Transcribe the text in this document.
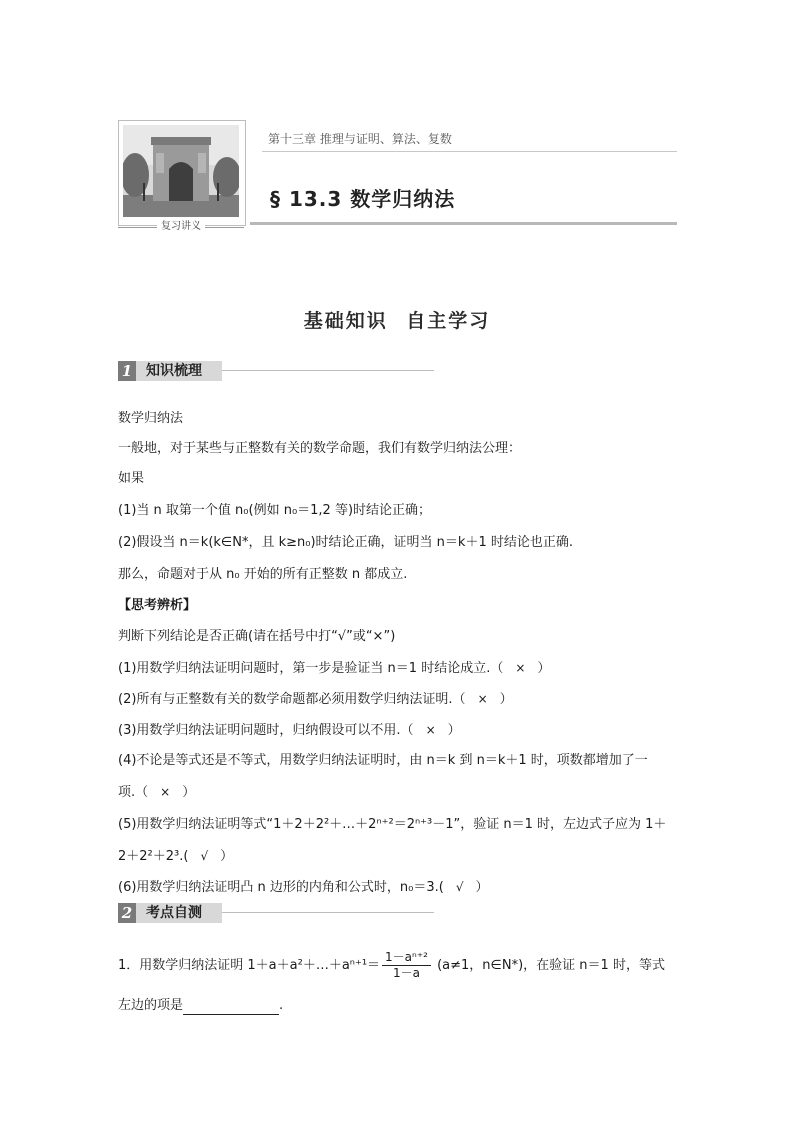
复习讲义
第十三章 推理与证明、算法、复数
§ 13.3 数学归纳法
基础知识 自主学习
1 知识梳理
数学归纳法
一般地，对于某些与正整数有关的数学命题，我们有数学归纳法公理：
如果
(1)当 n 取第一个值 n₀(例如 n₀＝1,2 等)时结论正确；
(2)假设当 n＝k(k∈N*，且 k≥n₀)时结论正确，证明当 n＝k＋1 时结论也正确.
那么，命题对于从 n₀ 开始的所有正整数 n 都成立.
【思考辨析】
判断下列结论是否正确(请在括号中打“√”或“×”)
(1)用数学归纳法证明问题时，第一步是验证当 n＝1 时结论成立.（ × ）
(2)所有与正整数有关的数学命题都必须用数学归纳法证明.（ × ）
(3)用数学归纳法证明问题时，归纳假设可以不用.（ × ）
(4)不论是等式还是不等式，用数学归纳法证明时，由 n＝k 到 n＝k＋1 时，项数都增加了一
项.（ × ）
(5)用数学归纳法证明等式“1＋2＋2²＋…＋2ⁿ⁺²＝2ⁿ⁺³－1”，验证 n＝1 时，左边式子应为 1＋
2＋2²＋2³.( √ ）
(6)用数学归纳法证明凸 n 边形的内角和公式时，n₀＝3.( √ ）
2 考点自测
1．用数学归纳法证明 1＋a＋a²＋…＋aⁿ⁺¹＝ $\frac{\text{1－aⁿ⁺²}}{1-a} (a\ne 1$，n∈N*)，在验证 n＝1 时，等式
左边的项是	.
